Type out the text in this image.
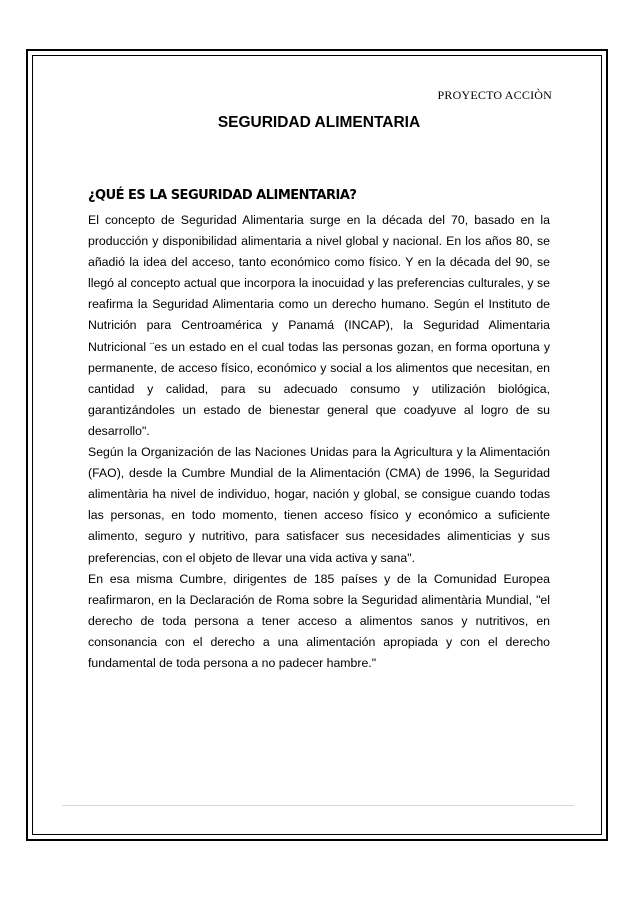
PROYECTO ACCIÒN
SEGURIDAD ALIMENTARIA
¿QUÉ ES LA SEGURIDAD ALIMENTARIA?

El concepto de Seguridad Alimentaria surge en la década del 70, basado en la producción y disponibilidad alimentaria a nivel global y nacional. En los años 80, se añadió la idea del acceso, tanto económico como físico. Y en la década del 90, se llegó al concepto actual que incorpora la inocuidad y las preferencias culturales, y se reafirma la Seguridad Alimentaria como un derecho humano. Según el Instituto de Nutrición para Centroamérica y Panamá (INCAP), la Seguridad Alimentaria Nutricional ¨es un estado en el cual todas las personas gozan, en forma oportuna y permanente, de acceso físico, económico y social a los alimentos que necesitan, en cantidad y calidad, para su adecuado consumo y utilización biológica, garantizándoles un estado de bienestar general que coadyuve al logro de su desarrollo".

Según la Organización de las Naciones Unidas para la Agricultura y la Alimentación (FAO), desde la Cumbre Mundial de la Alimentación (CMA) de 1996, la Seguridad alimentària ha nivel de individuo, hogar, nación y global, se consigue cuando todas las personas, en todo momento, tienen acceso físico y económico a suficiente alimento, seguro y nutritivo, para satisfacer sus necesidades alimenticias y sus preferencias, con el objeto de llevar una vida activa y sana".

En esa misma Cumbre, dirigentes de 185 países y de la Comunidad Europea reafirmaron, en la Declaración de Roma sobre la Seguridad alimentària Mundial, "el derecho de toda persona a tener acceso a alimentos sanos y nutritivos, en consonancia con el derecho a una alimentación apropiada y con el derecho fundamental de toda persona a no padecer hambre."
